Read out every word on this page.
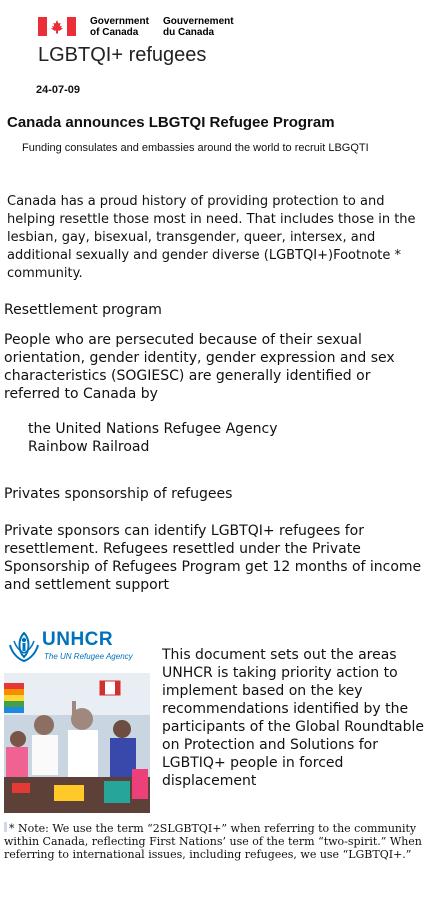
Government
of Canada
Gouvernement
du Canada
LGBTQI+ refugees
24-07-09
Canada announces LBGTQI Refugee Program

Funding consulates and embassies around the world to recruit LBGQTI

Canada has a proud history of providing protection to and helping resettle those most in need. That includes those in the lesbian, gay, bisexual, transgender, queer, intersex, and additional sexually and gender diverse (LGBTQI+)Footnote * community.

Resettlement program

People who are persecuted because of their sexual orientation, gender identity, gender expression and sex characteristics (SOGIESC) are generally identified or referred to Canada by

the United Nations Refugee Agency
Rainbow Railroad
Privates sponsorship of refugees

Private sponsors can identify LGBTQI+ refugees for resettlement. Refugees resettled under the Private Sponsorship of Refugees Program get 12 months of income and settlement support

UNHCR
The UN Refugee Agency This document sets out the areas UNHCR is taking priority action to implement based on the key recommendations identified by the participants of the Global Roundtable on Protection and Solutions for LGBTIQ+ people in forced displacement

* Note: We use the term “2SLGBTQI+” when referring to the community within Canada, reflecting First Nations’ use of the term “two-spirit.” When referring to international issues, including refugees, we use “LGBTQI+.”
